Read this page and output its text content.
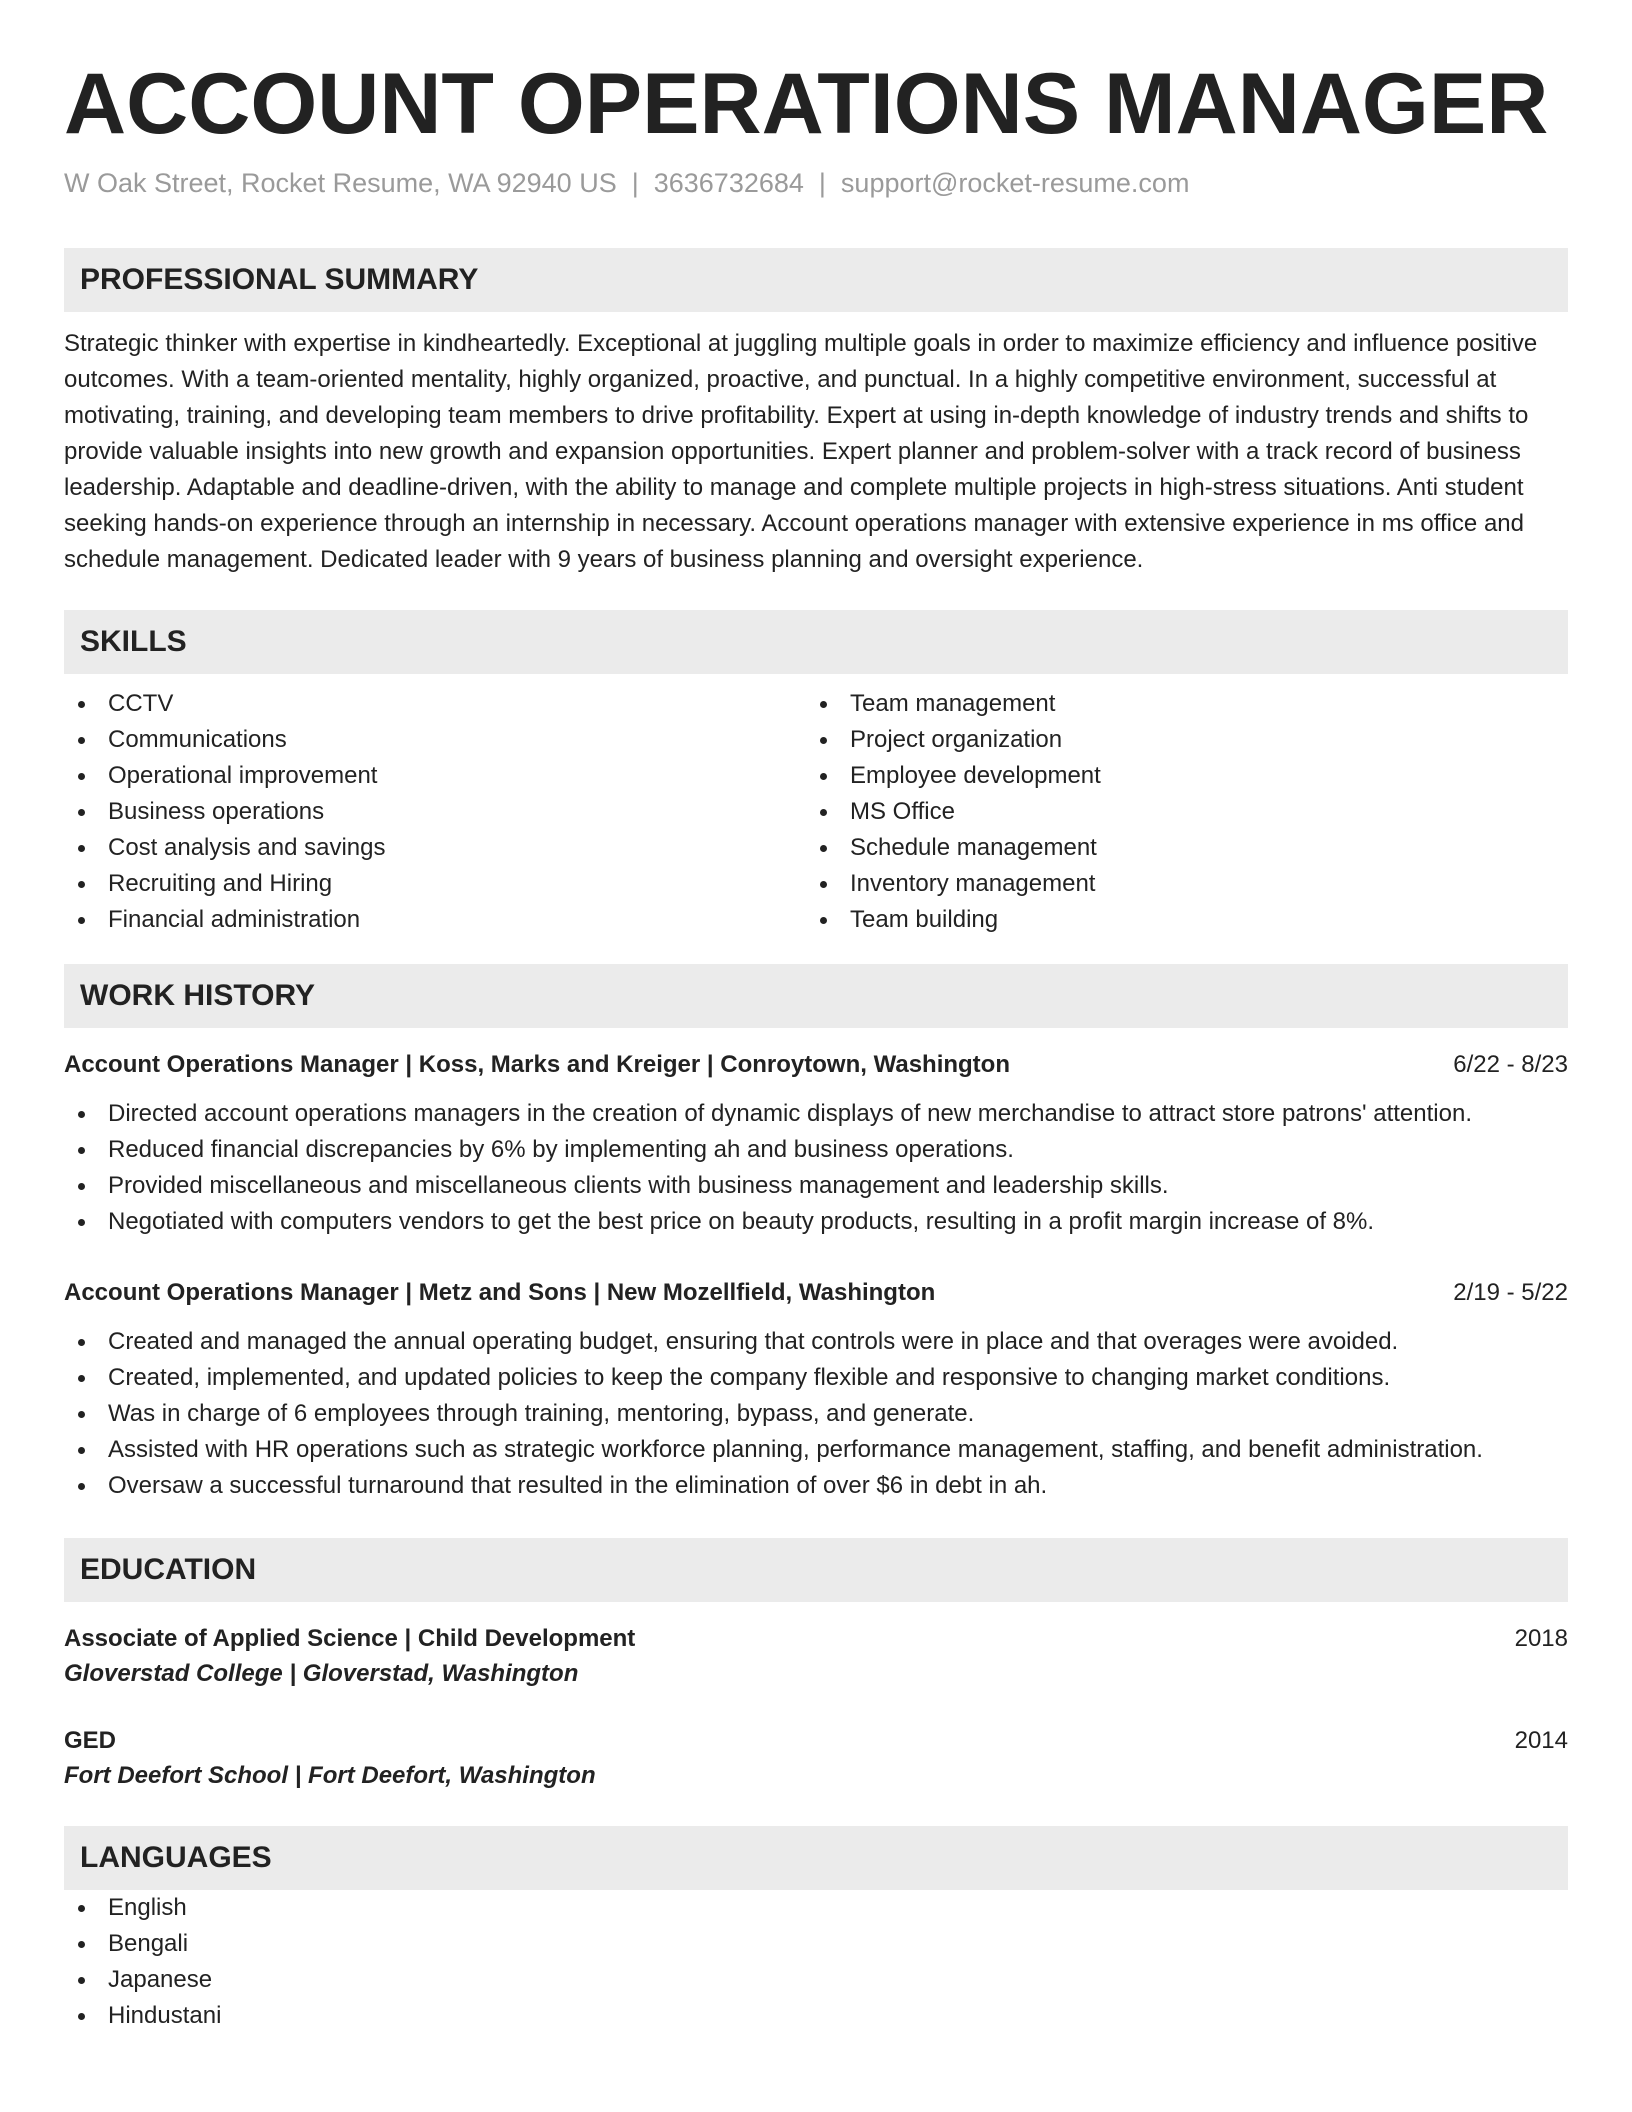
ACCOUNT OPERATIONS MANAGER
W Oak Street, Rocket Resume, WA 92940 US | 3636732684 | support@rocket-resume.com
PROFESSIONAL SUMMARY
Strategic thinker with expertise in kindheartedly. Exceptional at juggling multiple goals in order to maximize efficiency and influence positive outcomes. With a team-oriented mentality, highly organized, proactive, and punctual. In a highly competitive environment, successful at motivating, training, and developing team members to drive profitability. Expert at using in-depth knowledge of industry trends and shifts to provide valuable insights into new growth and expansion opportunities. Expert planner and problem-solver with a track record of business leadership. Adaptable and deadline-driven, with the ability to manage and complete multiple projects in high-stress situations. Anti student seeking hands-on experience through an internship in necessary. Account operations manager with extensive experience in ms office and schedule management. Dedicated leader with 9 years of business planning and oversight experience.
SKILLS
CCTV
Communications
Operational improvement
Business operations
Cost analysis and savings
Recruiting and Hiring
Financial administration
Team management
Project organization
Employee development
MS Office
Schedule management
Inventory management
Team building
WORK HISTORY
Account Operations Manager | Koss, Marks and Kreiger | Conroytown, Washington	6/22 - 8/23
Directed account operations managers in the creation of dynamic displays of new merchandise to attract store patrons' attention.
Reduced financial discrepancies by 6% by implementing ah and business operations.
Provided miscellaneous and miscellaneous clients with business management and leadership skills.
Negotiated with computers vendors to get the best price on beauty products, resulting in a profit margin increase of 8%.
Account Operations Manager | Metz and Sons | New Mozellfield, Washington	2/19 - 5/22
Created and managed the annual operating budget, ensuring that controls were in place and that overages were avoided.
Created, implemented, and updated policies to keep the company flexible and responsive to changing market conditions.
Was in charge of 6 employees through training, mentoring, bypass, and generate.
Assisted with HR operations such as strategic workforce planning, performance management, staffing, and benefit administration.
Oversaw a successful turnaround that resulted in the elimination of over $6 in debt in ah.
EDUCATION
Associate of Applied Science | Child Development	2018
Gloverstad College | Gloverstad, Washington
GED	2014
Fort Deefort School | Fort Deefort, Washington
LANGUAGES
English
Bengali
Japanese
Hindustani
